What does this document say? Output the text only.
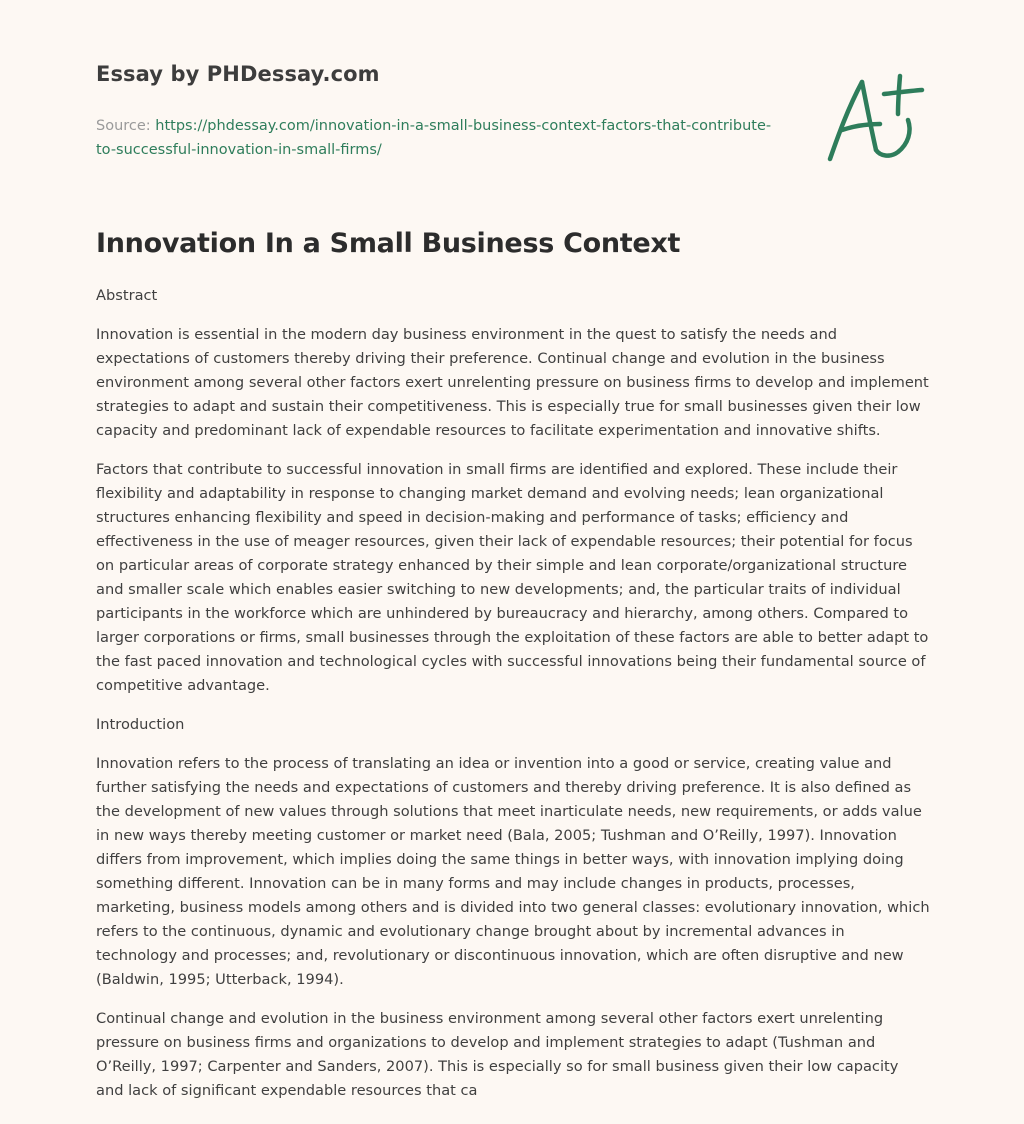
Essay by PHDessay.com
Source: https://phdessay.com/innovation-in-a-small-business-context-factors-that-contribute-to-successful-innovation-in-small-firms/
Innovation In a Small Business Context

Abstract

Innovation is essential in the modern day business environment in the quest to satisfy the needs and expectations of customers thereby driving their preference. Continual change and evolution in the business environment among several other factors exert unrelenting pressure on business firms to develop and implement strategies to adapt and sustain their competitiveness. This is especially true for small businesses given their low capacity and predominant lack of expendable resources to facilitate experimentation and innovative shifts.

Factors that contribute to successful innovation in small firms are identified and explored. These include their flexibility and adaptability in response to changing market demand and evolving needs; lean organizational structures enhancing flexibility and speed in decision-making and performance of tasks; efficiency and effectiveness in the use of meager resources, given their lack of expendable resources; their potential for focus on particular areas of corporate strategy enhanced by their simple and lean corporate/organizational structure and smaller scale which enables easier switching to new developments; and, the particular traits of individual participants in the workforce which are unhindered by bureaucracy and hierarchy, among others. Compared to larger corporations or firms, small businesses through the exploitation of these factors are able to better adapt to the fast paced innovation and technological cycles with successful innovations being their fundamental source of competitive advantage.

Introduction

Innovation refers to the process of translating an idea or invention into a good or service, creating value and further satisfying the needs and expectations of customers and thereby driving preference. It is also defined as the development of new values through solutions that meet inarticulate needs, new requirements, or adds value in new ways thereby meeting customer or market need (Bala, 2005; Tushman and O’Reilly, 1997). Innovation differs from improvement, which implies doing the same things in better ways, with innovation implying doing something different. Innovation can be in many forms and may include changes in products, processes, marketing, business models among others and is divided into two general classes: evolutionary innovation, which refers to the continuous, dynamic and evolutionary change brought about by incremental advances in technology and processes; and, revolutionary or discontinuous innovation, which are often disruptive and new (Baldwin, 1995; Utterback, 1994).

Continual change and evolution in the business environment among several other factors exert unrelenting pressure on business firms and organizations to develop and implement strategies to adapt (Tushman and O’Reilly, 1997; Carpenter and Sanders, 2007). This is especially so for small business given their low capacity and lack of significant expendable resources that ca
